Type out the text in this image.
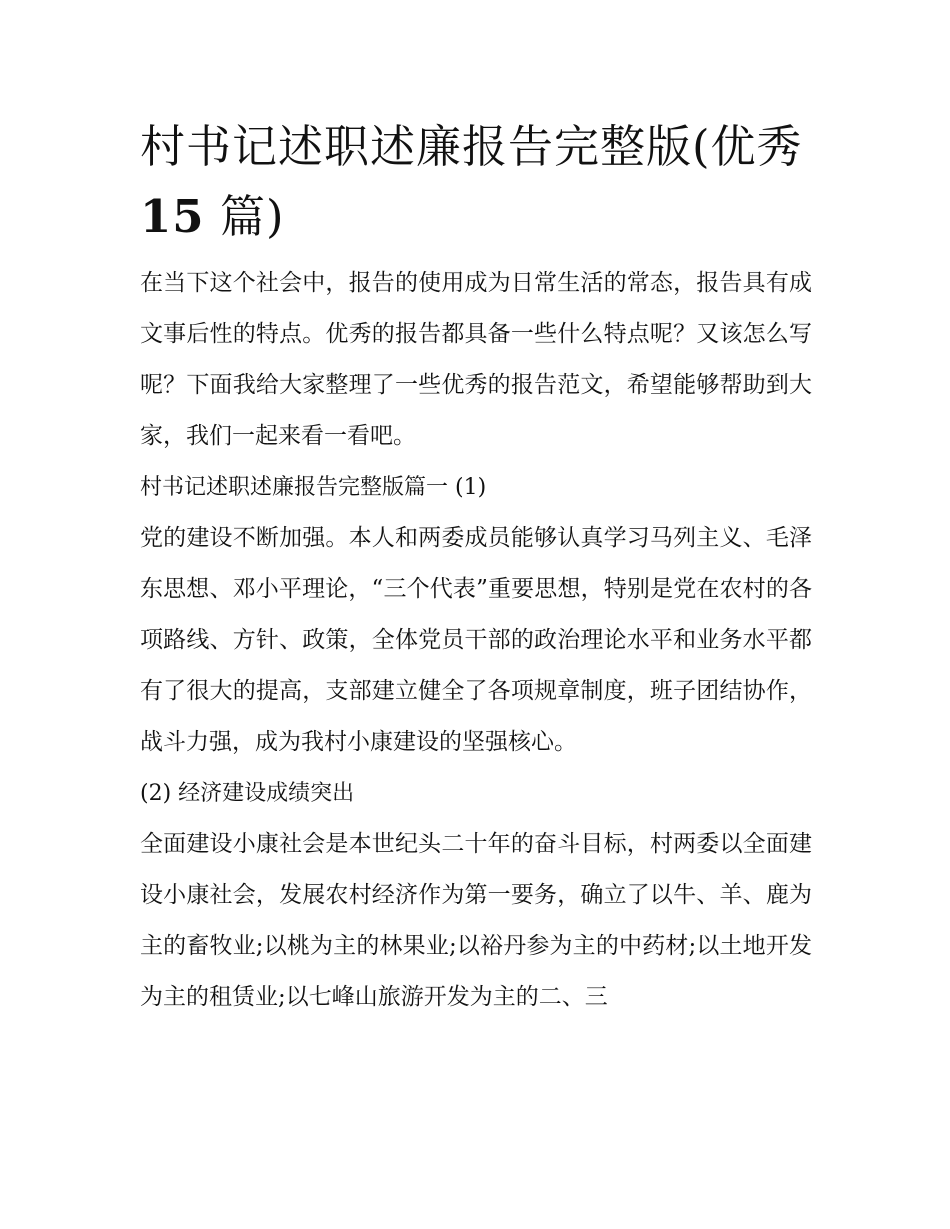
村书记述职述廉报告完整版(优秀15 篇)

在当下这个社会中，报告的使用成为日常生活的常态，报告具有成文事后性的特点。优秀的报告都具备一些什么特点呢？又该怎么写呢？下面我给大家整理了一些优秀的报告范文，希望能够帮助到大家，我们一起来看一看吧。

村书记述职述廉报告完整版篇一 (1)

党的建设不断加强。本人和两委成员能够认真学习马列主义、毛泽东思想、邓小平理论，“三个代表”重要思想，特别是党在农村的各项路线、方针、政策，全体党员干部的政治理论水平和业务水平都有了很大的提高，支部建立健全了各项规章制度，班子团结协作，战斗力强，成为我村小康建设的坚强核心。

(2) 经济建设成绩突出

全面建设小康社会是本世纪头二十年的奋斗目标，村两委以全面建设小康社会，发展农村经济作为第一要务，确立了以牛、羊、鹿为主的畜牧业;以桃为主的林果业;以裕丹参为主的中药材;以土地开发为主的租赁业;以七峰山旅游开发为主的二、三
